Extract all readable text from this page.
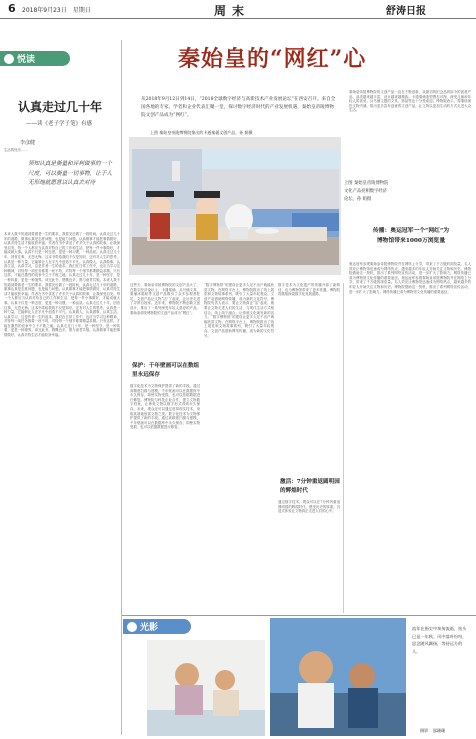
6 2018年9月23日　星期日	周末	舒涛日报
悦读
认真走过几十年
——读《老子学子笔》有感
李彦健
生活的经历……
须知认真是衡量和评判做事的一个尺度，可以衡量一切事物，让于人无形地就愿意以认真去对待
本来人我不知道到要做老一生的要求，我看完后做了一段时间，认真走过几十年的道路，做事认真是态度问题，也是能力问题。认真做事才能把事情做好，认真对待生活才能收获幸福。作者在书中讲述了许多关于认真的故事，让我深受启发。每一个人都应当认真对待自己的工作和生活，把每一件小事做好，才能成就大事。认真不仅是一种态度，更是一种习惯，一种品质。认真走过几十年，回首往事，无怨无悔。这本书带给我的不仅是知识，还有对人生的思考。认真是一种力量，它能够让人在平凡中创造不平凡。认真做人，认真做事，认真生活，认真学习，这是作者一生的追求。我们在日常工作中，也应当学习这种精神，对待每一项任务都要一丝不苟，对待每一个细节都要精益求精。只有这样，才能在激烈的竞争中立于不败之地。认真走过几十年，是一种坚守，是一种执着，更是一种境界。读完此书，感慨良多，愿与诸君共勉。本来人我不知道到要做老一生的要求，我看完后做了一段时间，认真走过几十年的道路，做事认真是态度问题，也是能力问题。认真做事才能把事情做好，认真对待生活才能收获幸福。作者在书中讲述了许多关于认真的故事，让我深受启发。每一个人都应当认真对待自己的工作和生活，把每一件小事做好，才能成就大事。认真不仅是一种态度，更是一种习惯，一种品质。认真走过几十年，回首往事，无怨无悔。这本书带给我的不仅是知识，还有对人生的思考。认真是一种力量，它能够让人在平凡中创造不平凡。认真做人，认真做事，认真生活，认真学习，这是作者一生的追求。我们在日常工作中，也应当学习这种精神，对待每一项任务都要一丝不苟，对待每一个细节都要精益求精。只有这样，才能在激烈的竞争中立于不败之地。认真走过几十年，是一种坚守，是一种执着，更是一种境界。读完此书，感慨良多，愿与诸君共勉。认真做事才能把事情做好，认真对待生活才能收获幸福。
秦始皇的“网红”心
从2018年9月12日到14日，“2018全球数字经济与高新技术产业发展论坛”在西安召开。来自全国各地的专家、学者和企业代表汇聚一堂，探讨数字经济时代的产业发展机遇，秦始皇帝陵博物院文创产品成为“网红”。
上图 秦始皇帝陵博物院推出的卡通秦俑文创产品，孙 娟摄
上图 秦始皇帝陵博物院文化产品亮相数字经济论坛。孙 娟摄
这些天，秦始皇帝陵博物院的文创产品火了，在数字经济论坛上，卡通秦俑、兵马俑文具、秦俑冰箱贴等文创产品吸引了众多参观者驻足。文创产品让文物“活”了起来，让历史走进了寻常百姓家。近年来，博物院不断创新文创设计，推出了一系列深受年轻人喜爱的产品，秦始皇帝陵博物院的文创产品成为“网红”。
保护：千年壁画可以在数组里永远保存
数字化技术为文物保护提供了新的手段。通过高精度扫描与建模，千年壁画可以在数据库中永久保存，即使实物受损，也可以依据数据进行修复。博物院与科技企业合作，建立文物数字档案，让珍贵文物以数字形式得到永久保存。未来，观众还可以通过虚拟现实技术，身临其境地欣赏文物之美。数字化技术为文物保护提供了新的手段。通过高精度扫描与建模，千年壁画可以在数据库中永久保存，即使实物受损，也可以依据数据进行修复。
“数字博物馆”的建设让更多人足不出户就能欣赏文物。在网络平台上，博物院推出了线上展览和文物故事系列，吸引了大量年轻观众。文创产品借助网络传播，成为新的文化符号。博物院负责人表示，要让文物真正“活”起来，就要让文物走进人们的生活，与现代生活方式相结合。线上线下融合，让传统文化焕发新的活力。“数字博物馆”的建设让更多人足不出户就能欣赏文物。在网络平台上，博物院推出了线上展览和文物故事系列，吸引了大量年轻观众。文创产品借助网络传播，成为新的文化符号。
数字技术为文化遗产的传播开辟了新路径，也为博物馆带来了更多机遇。博物院将继续探索数字化发展道路。
激活：7分钟重返圆明园的辉煌时代
通过数字技术，观众可以在7分钟内重返圆明园的辉煌时代，感受历史的厚重。沉浸式体验让文物真正走进人们的心中。
秦始皇帝陵博物院的文创产品一直在不断创新，从最初的纪念品到如今的创意产品，品类越来越丰富，设计越来越精致。卡通秦俑造型憨态可掬，深受儿童和年轻人的喜爱。兵马俑主题的文具、饰品等也十分受欢迎。博物院表示，将继续深挖文物内涵，推出更多富有创意的文创产品，让文物以更加生动的方式走进大众生活。
传播：奥运冠军一个“网红”为博物馆带来1000万浏览量
奥运冠军参观秦始皇帝陵博物院并在网络上分享，带来了千万级的浏览量。名人效应让博物馆迅速成为网络热点，越来越多的年轻人开始关注文物和历史。博物院借助这一契机，推出了系列网络宣传活动，进一步扩大了影响力。网络传播已成为博物馆文化传播的重要途径。奥运冠军参观秦始皇帝陵博物院并在网络上分享，带来了千万级的浏览量。名人效应让博物馆迅速成为网络热点，越来越多的年轻人开始关注文物和历史。博物院借助这一契机，推出了系列网络宣传活动，进一步扩大了影响力。网络传播已成为博物馆文化传播的重要途径。
光影	流年在指尖中匆匆流逝，抬头已是一年秋。风中落叶纷纷，思念随风飘扬，等待远方的人。
摄影　邵珊珊
